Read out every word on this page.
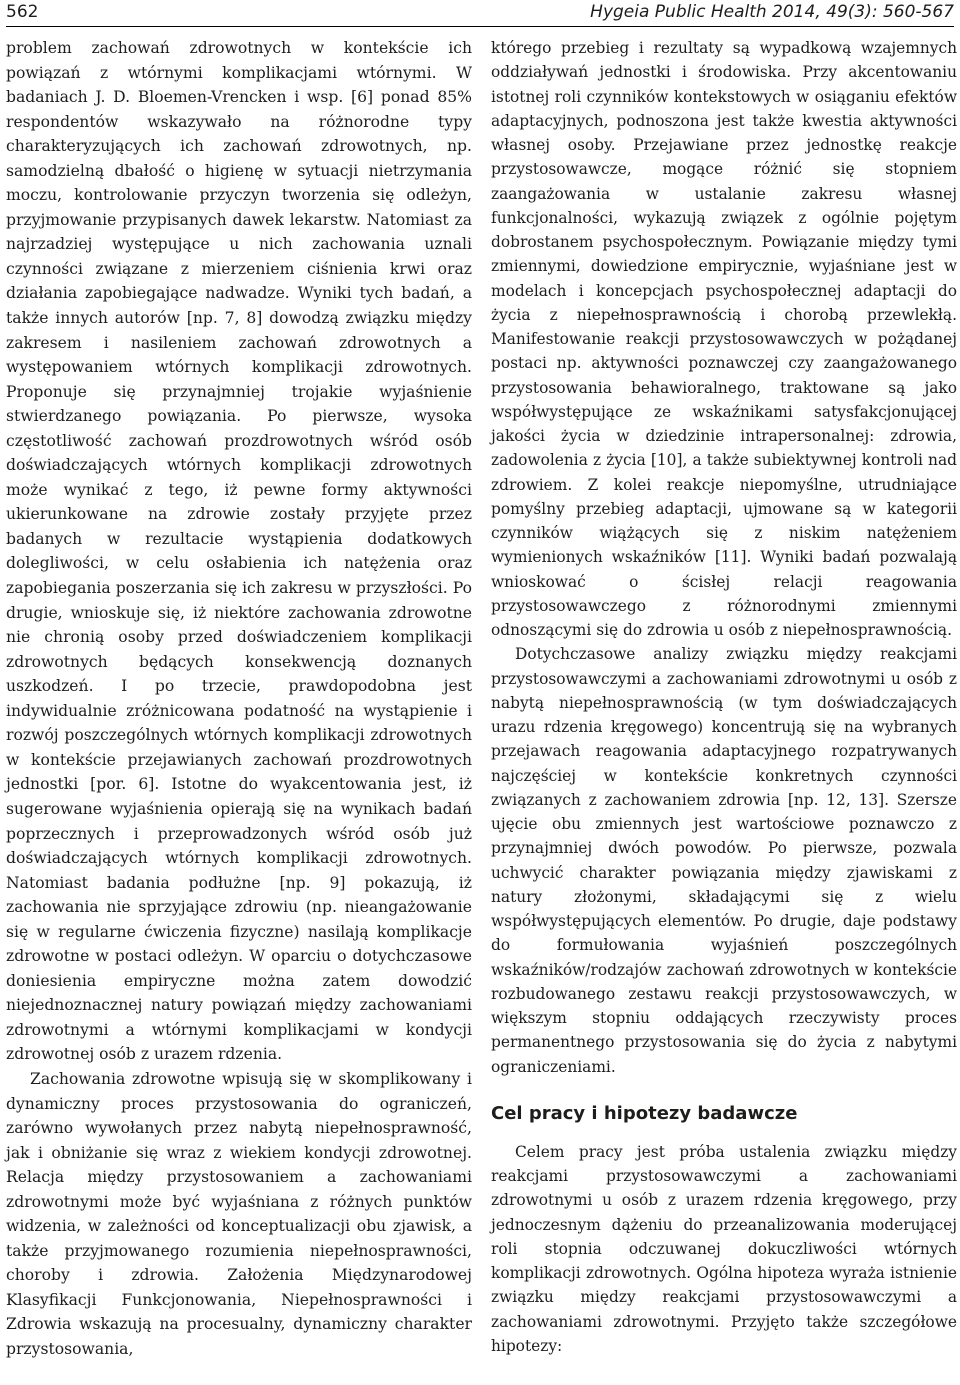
562	Hygeia Public Health 2014, 49(3): 560-567

problem zachowań zdrowotnych w kontekście ich powiązań z wtórnymi komplikacjami wtórnymi. W badaniach J. D. Bloemen-Vrencken i wsp. [6] ponad 85% respondentów wskazywało na różnorodne typy charakteryzujących ich zachowań zdrowotnych, np. samodzielną dbałość o higienę w sytuacji nietrzymania moczu, kontrolowanie przyczyn tworzenia się odleżyn, przyjmowanie przypisanych dawek lekarstw. Natomiast za najrzadziej występujące u nich zachowania uznali czynności związane z mierzeniem ciśnienia krwi oraz działania zapobiegające nadwadze. Wyniki tych badań, a także innych autorów [np. 7, 8] dowodzą związku między zakresem i nasileniem zachowań zdrowotnych a występowaniem wtórnych komplikacji zdrowotnych. Proponuje się przynajmniej trojakie wyjaśnienie stwierdzanego powiązania. Po pierwsze, wysoka częstotliwość zachowań prozdrowotnych wśród osób doświadczających wtórnych komplikacji zdrowotnych może wynikać z tego, iż pewne formy aktywności ukierunkowane na zdrowie zostały przyjęte przez badanych w rezultacie wystąpienia dodatkowych dolegliwości, w celu osłabienia ich natężenia oraz zapobiegania poszerzania się ich zakresu w przyszłości. Po drugie, wnioskuje się, iż niektóre zachowania zdrowotne nie chronią osoby przed doświadczeniem komplikacji zdrowotnych będących konsekwencją doznanych uszkodzeń. I po trzecie, prawdopodobna jest indywidualnie zróżnicowana podatność na wystąpienie i rozwój poszczególnych wtórnych komplikacji zdrowotnych w kontekście przejawianych zachowań prozdrowotnych jednostki [por. 6]. Istotne do wyakcentowania jest, iż sugerowane wyjaśnienia opierają się na wynikach badań poprzecznych i przeprowadzonych wśród osób już doświadczających wtórnych komplikacji zdrowotnych. Natomiast badania podłużne [np. 9] pokazują, iż zachowania nie sprzyjające zdrowiu (np. nieangażowanie się w regularne ćwiczenia fizyczne) nasilają komplikacje zdrowotne w postaci odleżyn. W oparciu o dotychczasowe doniesienia empiryczne można zatem dowodzić niejednoznacznej natury powiązań między zachowaniami zdrowotnymi a wtórnymi komplikacjami w kondycji zdrowotnej osób z urazem rdzenia.

Zachowania zdrowotne wpisują się w skomplikowany i dynamiczny proces przystosowania do ograniczeń, zarówno wywołanych przez nabytą niepełnosprawność, jak i obniżanie się wraz z wiekiem kondycji zdrowotnej. Relacja między przystosowaniem a zachowaniami zdrowotnymi może być wyjaśniana z różnych punktów widzenia, w zależności od konceptualizacji obu zjawisk, a także przyjmowanego rozumienia niepełnosprawności, choroby i zdrowia. Założenia Międzynarodowej Klasyfikacji Funkcjonowania, Niepełnosprawności i Zdrowia wskazują na procesualny, dynamiczny charakter przystosowania,

którego przebieg i rezultaty są wypadkową wzajemnych oddziaływań jednostki i środowiska. Przy akcentowaniu istotnej roli czynników kontekstowych w osiąganiu efektów adaptacyjnych, podnoszona jest także kwestia aktywności własnej osoby. Przejawiane przez jednostkę reakcje przystosowawcze, mogące różnić się stopniem zaangażowania w ustalanie zakresu własnej funkcjonalności, wykazują związek z ogólnie pojętym dobrostanem psychospołecznym. Powiązanie między tymi zmiennymi, dowiedzione empirycznie, wyjaśniane jest w modelach i koncepcjach psychospołecznej adaptacji do życia z niepełnosprawnością i chorobą przewlekłą. Manifestowanie reakcji przystosowawczych w pożądanej postaci np. aktywności poznawczej czy zaangażowanego przystosowania behawioralnego, traktowane są jako współwystępujące ze wskaźnikami satysfakcjonującej jakości życia w dziedzinie intrapersonalnej: zdrowia, zadowolenia z życia [10], a także subiektywnej kontroli nad zdrowiem. Z kolei reakcje niepomyślne, utrudniające pomyślny przebieg adaptacji, ujmowane są w kategorii czynników wiążących się z niskim natężeniem wymienionych wskaźników [11]. Wyniki badań pozwalają wnioskować o ścisłej relacji reagowania przystosowawczego z różnorodnymi zmiennymi odnoszącymi się do zdrowia u osób z niepełnosprawnością.

Dotychczasowe analizy związku między reakcjami przystosowawczymi a zachowaniami zdrowotnymi u osób z nabytą niepełnosprawnością (w tym doświadczających urazu rdzenia kręgowego) koncentrują się na wybranych przejawach reagowania adaptacyjnego rozpatrywanych najczęściej w kontekście konkretnych czynności związanych z zachowaniem zdrowia [np. 12, 13]. Szersze ujęcie obu zmiennych jest wartościowe poznawczo z przynajmniej dwóch powodów. Po pierwsze, pozwala uchwycić charakter powiązania między zjawiskami z natury złożonymi, składającymi się z wielu współwystępujących elementów. Po drugie, daje podstawy do formułowania wyjaśnień poszczególnych wskaźników/rodzajów zachowań zdrowotnych w kontekście rozbudowanego zestawu reakcji przystosowawczych, w większym stopniu oddających rzeczywisty proces permanentnego przystosowania się do życia z nabytymi ograniczeniami.

Cel pracy i hipotezy badawcze

Celem pracy jest próba ustalenia związku między reakcjami przystosowawczymi a zachowaniami zdrowotnymi u osób z urazem rdzenia kręgowego, przy jednoczesnym dążeniu do przeanalizowania moderującej roli stopnia odczuwanej dokuczliwości wtórnych komplikacji zdrowotnych. Ogólna hipoteza wyraża istnienie związku między reakcjami przystosowawczymi a zachowaniami zdrowotnymi. Przyjęto także szczegółowe hipotezy:
